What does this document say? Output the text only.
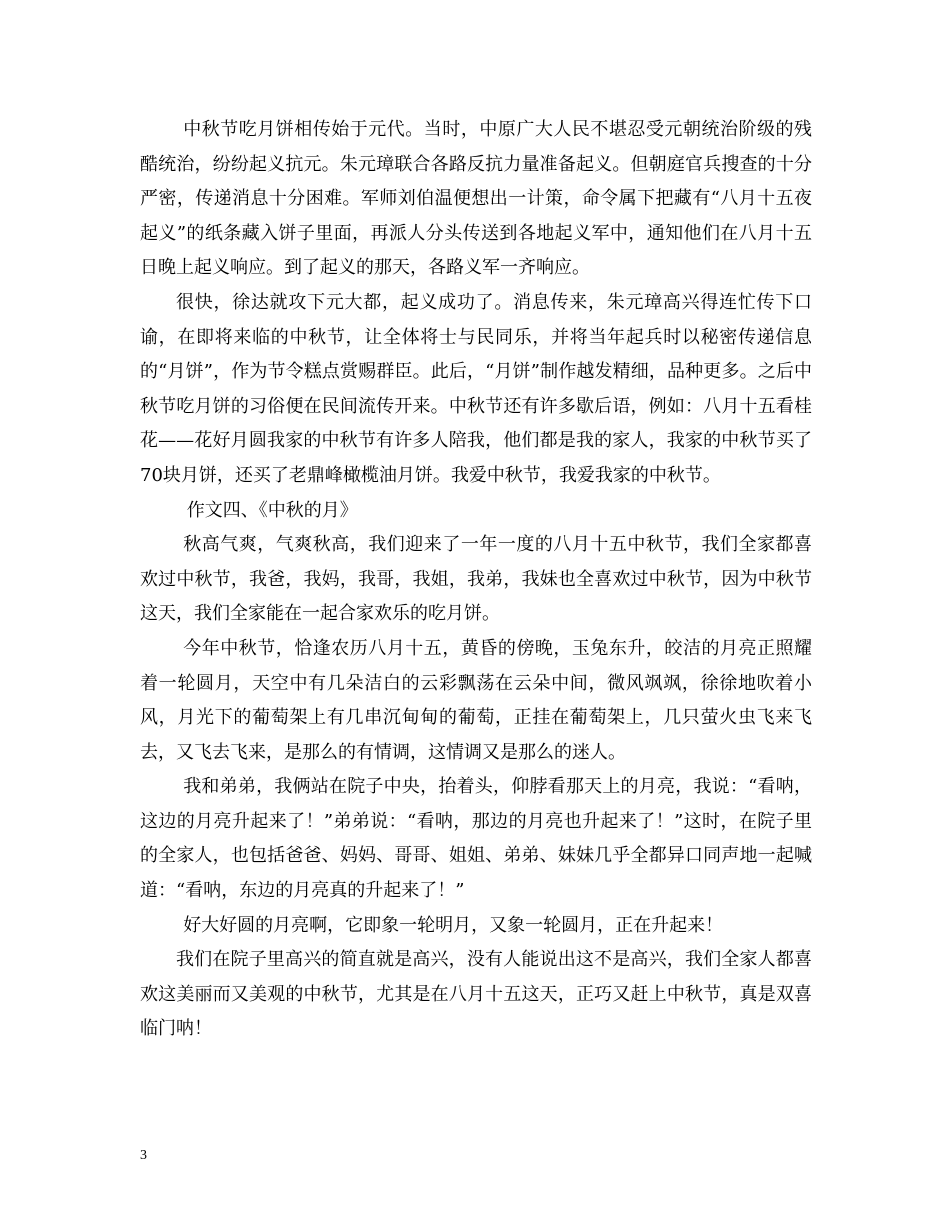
中秋节吃月饼相传始于元代。当时，中原广大人民不堪忍受元朝统治阶级的残酷统治，纷纷起义抗元。朱元璋联合各路反抗力量准备起义。但朝庭官兵搜查的十分严密，传递消息十分困难。军师刘伯温便想出一计策，命令属下把藏有“八月十五夜起义”的纸条藏入饼子里面，再派人分头传送到各地起义军中，通知他们在八月十五日晚上起义响应。到了起义的那天，各路义军一齐响应。

很快，徐达就攻下元大都，起义成功了。消息传来，朱元璋高兴得连忙传下口谕，在即将来临的中秋节，让全体将士与民同乐，并将当年起兵时以秘密传递信息的“月饼”，作为节令糕点赏赐群臣。此后，“月饼”制作越发精细，品种更多。之后中秋节吃月饼的习俗便在民间流传开来。中秋节还有许多歇后语，例如：八月十五看桂花——花好月圆我家的中秋节有许多人陪我，他们都是我的家人，我家的中秋节买了70块月饼，还买了老鼎峰橄榄油月饼。我爱中秋节，我爱我家的中秋节。

作文四、《中秋的月》

秋高气爽，气爽秋高，我们迎来了一年一度的八月十五中秋节，我们全家都喜欢过中秋节，我爸，我妈，我哥，我姐，我弟，我妹也全喜欢过中秋节，因为中秋节这天，我们全家能在一起合家欢乐的吃月饼。

今年中秋节，恰逢农历八月十五，黄昏的傍晚，玉兔东升，皎洁的月亮正照耀着一轮圆月，天空中有几朵洁白的云彩飘荡在云朵中间，微风飒飒，徐徐地吹着小风，月光下的葡萄架上有几串沉甸甸的葡萄，正挂在葡萄架上，几只萤火虫飞来飞去，又飞去飞来，是那么的有情调，这情调又是那么的迷人。

我和弟弟，我俩站在院子中央，抬着头，仰脖看那天上的月亮，我说：“看呐，这边的月亮升起来了！”弟弟说：“看呐，那边的月亮也升起来了！”这时，在院子里的全家人，也包括爸爸、妈妈、哥哥、姐姐、弟弟、妹妹几乎全都异口同声地一起喊道：“看呐，东边的月亮真的升起来了！”

好大好圆的月亮啊，它即象一轮明月，又象一轮圆月，正在升起来！

我们在院子里高兴的简直就是高兴，没有人能说出这不是高兴，我们全家人都喜欢这美丽而又美观的中秋节，尤其是在八月十五这天，正巧又赶上中秋节，真是双喜临门呐！

3
